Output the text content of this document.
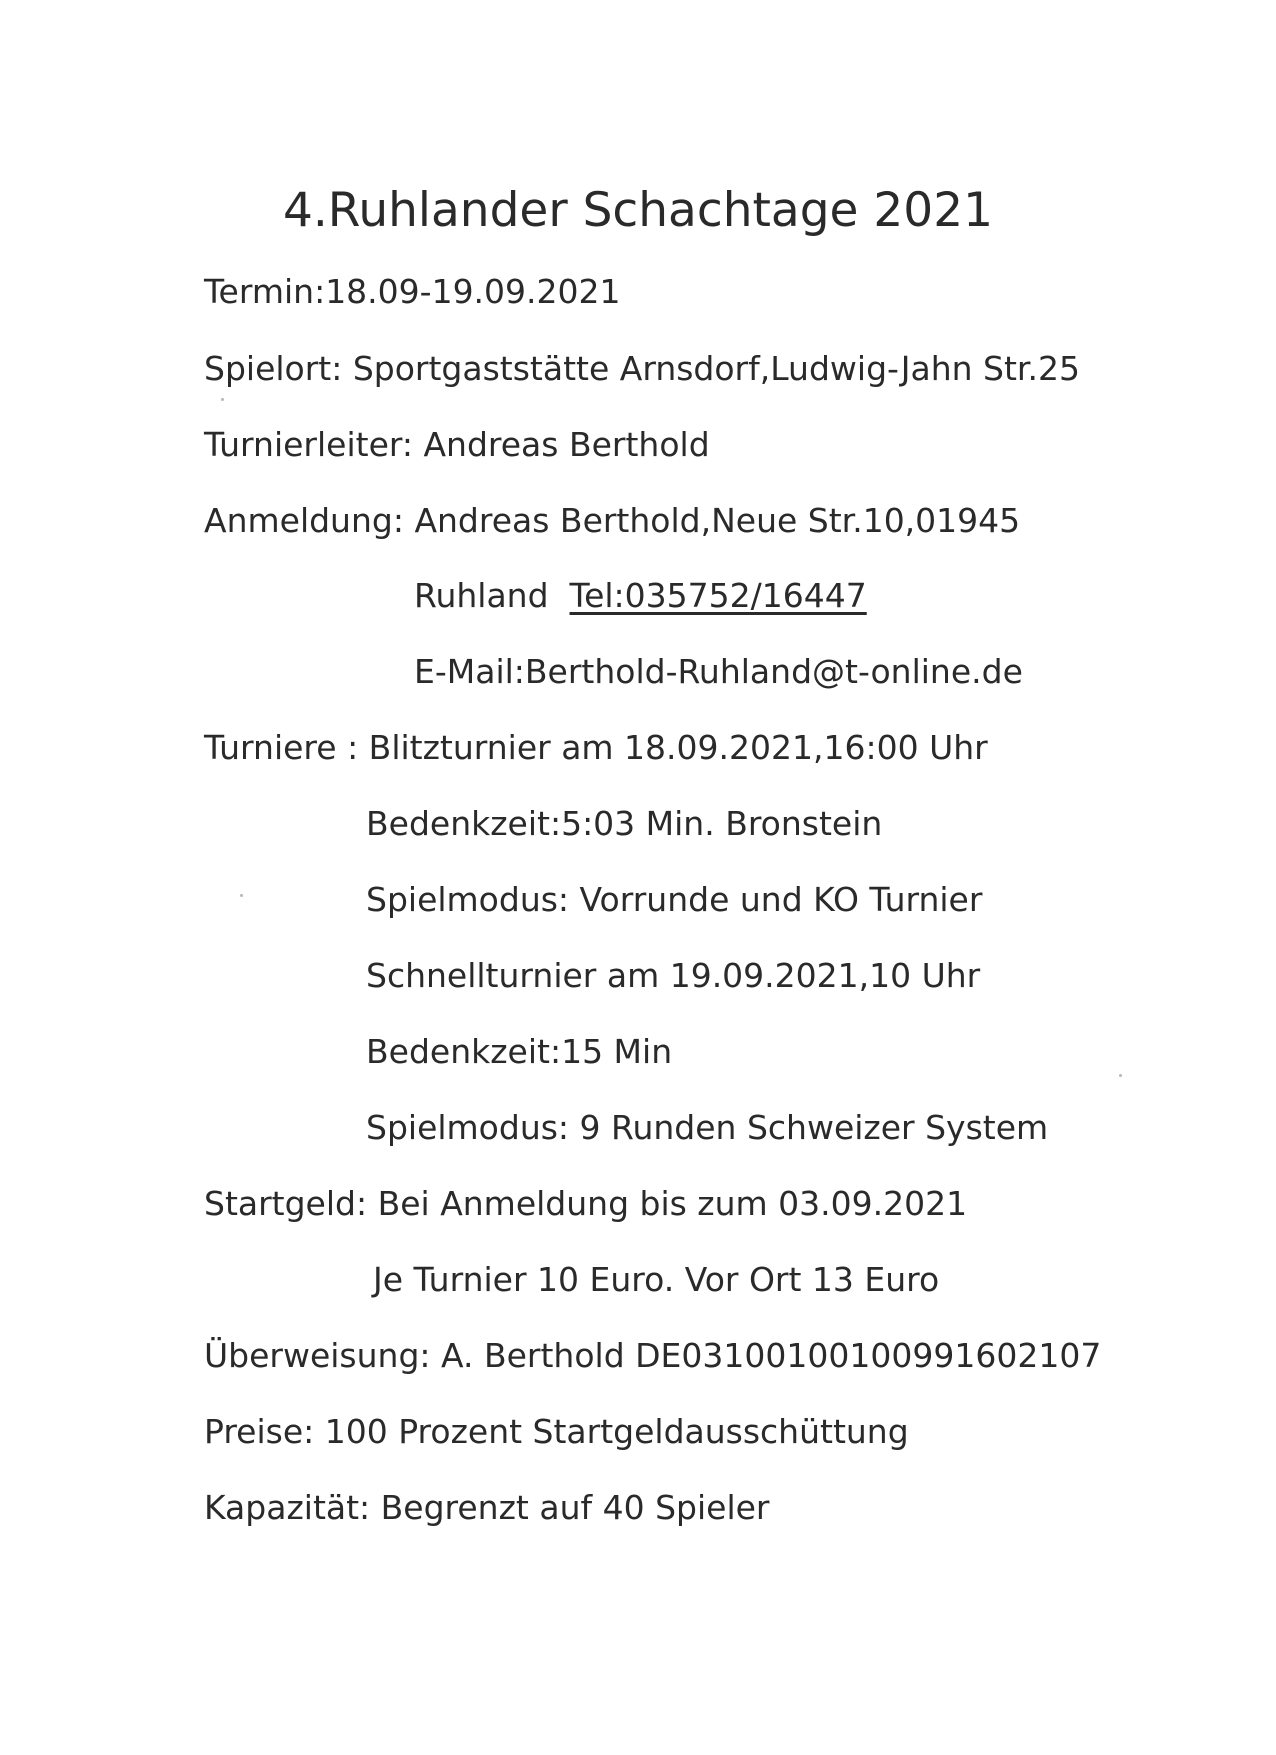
4.Ruhlander Schachtage 2021
Termin:18.09-19.09.2021
Spielort: Sportgaststätte Arnsdorf,Ludwig-Jahn Str.25
Turnierleiter: Andreas Berthold
Anmeldung: Andreas Berthold,Neue Str.10,01945
Ruhland Tel:035752/16447
E-Mail:Berthold-Ruhland@t-online.de
Turniere : Blitzturnier am 18.09.2021,16:00 Uhr
Bedenkzeit:5:03 Min. Bronstein
Spielmodus: Vorrunde und KO Turnier
Schnellturnier am 19.09.2021,10 Uhr
Bedenkzeit:15 Min
Spielmodus: 9 Runden Schweizer System
Startgeld: Bei Anmeldung bis zum 03.09.2021
Je Turnier 10 Euro. Vor Ort 13 Euro
Überweisung: A. Berthold DE03100100100991602107
Preise: 100 Prozent Startgeldausschüttung
Kapazität: Begrenzt auf 40 Spieler
